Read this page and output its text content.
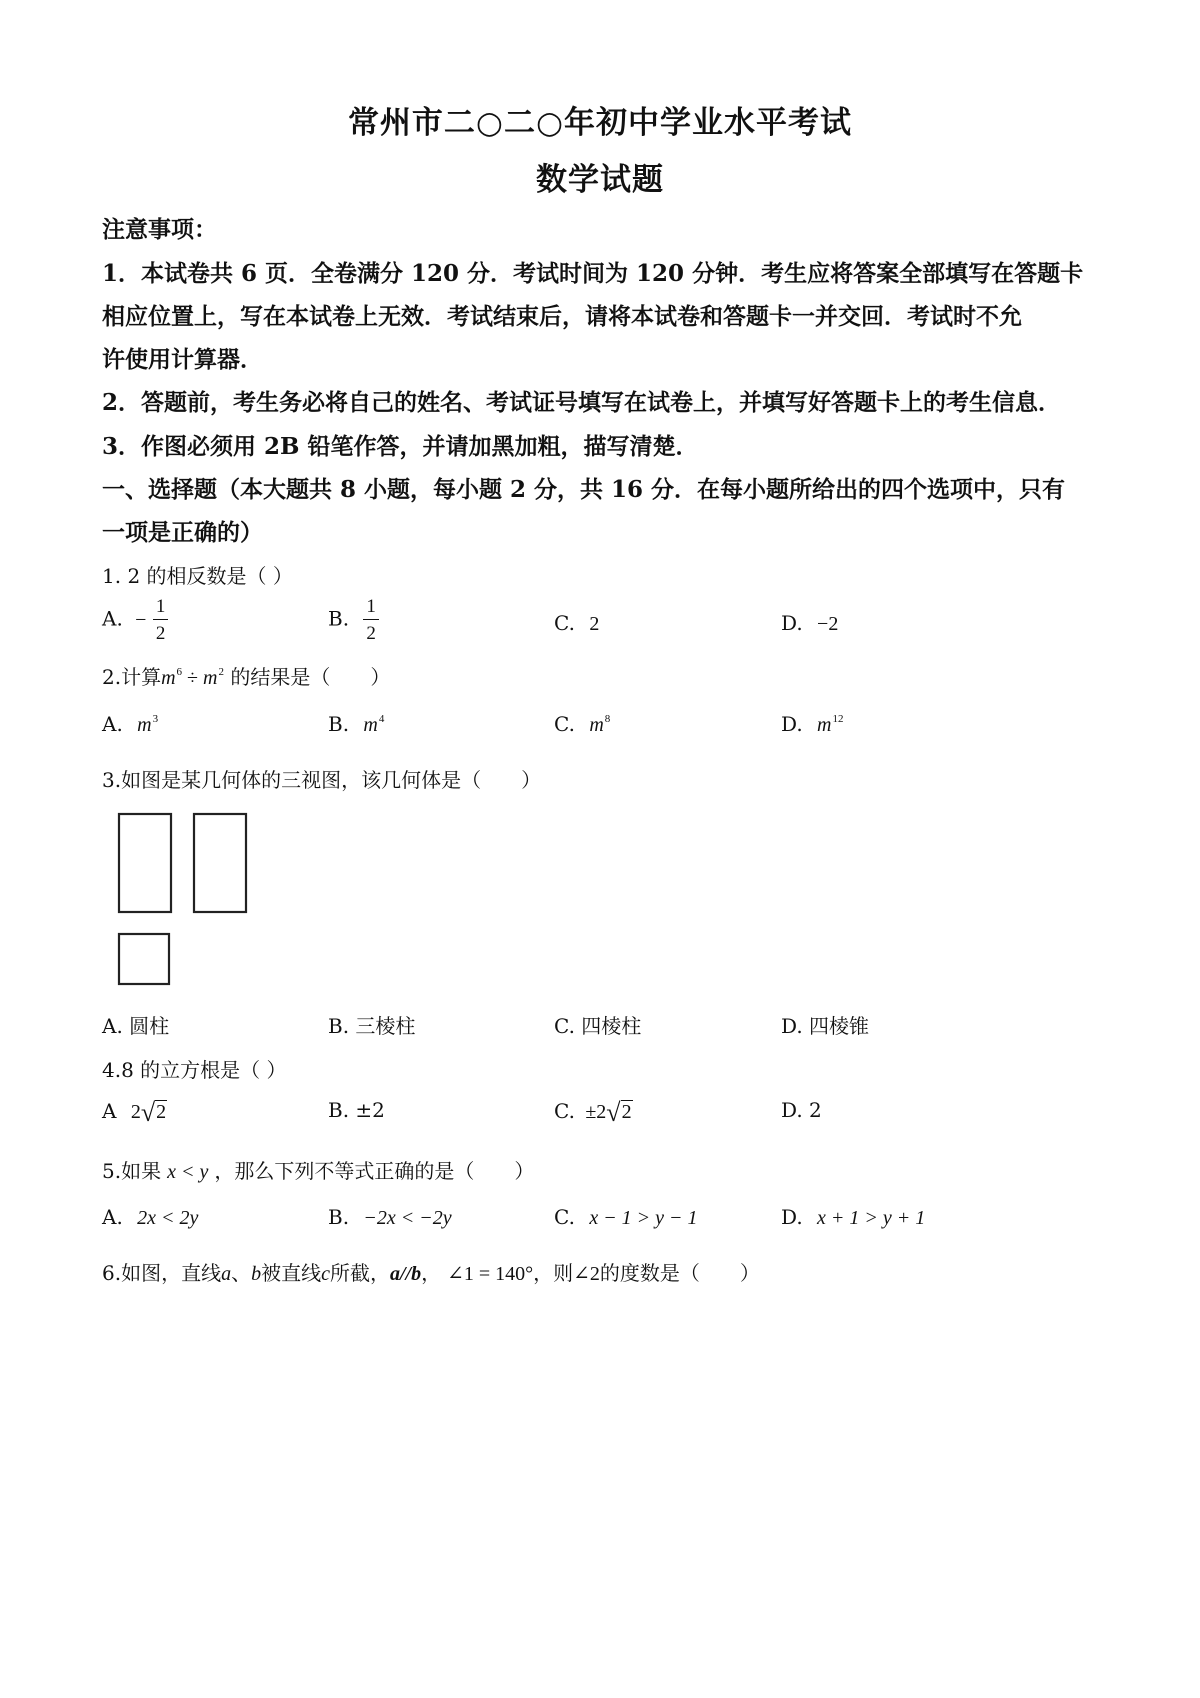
常州市二○二○年初中学业水平考试
数学试题
注意事项：
1．本试卷共 6 页．全卷满分 120 分．考试时间为 120 分钟．考生应将答案全部填写在答题卡
相应位置上，写在本试卷上无效．考试结束后，请将本试卷和答题卡一并交回．考试时不允
许使用计算器．
2．答题前，考生务必将自己的姓名、考试证号填写在试卷上，并填写好答题卡上的考生信息．
3．作图必须用 2B 铅笔作答，并请加黑加粗，描写清楚．
一、选择题（本大题共 8 小题，每小题 2 分，共 16 分．在每小题所给出的四个选项中，只有
一项是正确的）
1. 2 的相反数是（ ）
A. − $\frac{1}{2}$	B. $\frac{1}{2}$	C. 2	D. −2
2.计算$m^6 \div m^2$ 的结果是（　　）
A. $m^3$	B. $m^4$	C. $m^8$	D. $m^{12}$
3.如图是某几何体的三视图，该几何体是（　　）
A. 圆柱	B. 三棱柱	C. 四棱柱	D. 四棱锥
4.8 的立方根是（ ）
A 2√2	B. ±2	C. ±2√2	D. 2
5.如果 x < y ，那么下列不等式正确的是（　　）
A. 2x < 2y	B. −2x < −2y	C. x − 1 > y − 1	D. x + 1 > y + 1
6.如图，直线a、b被直线c所截，a//b， ∠1 = 140°，则∠2的度数是（　　）
